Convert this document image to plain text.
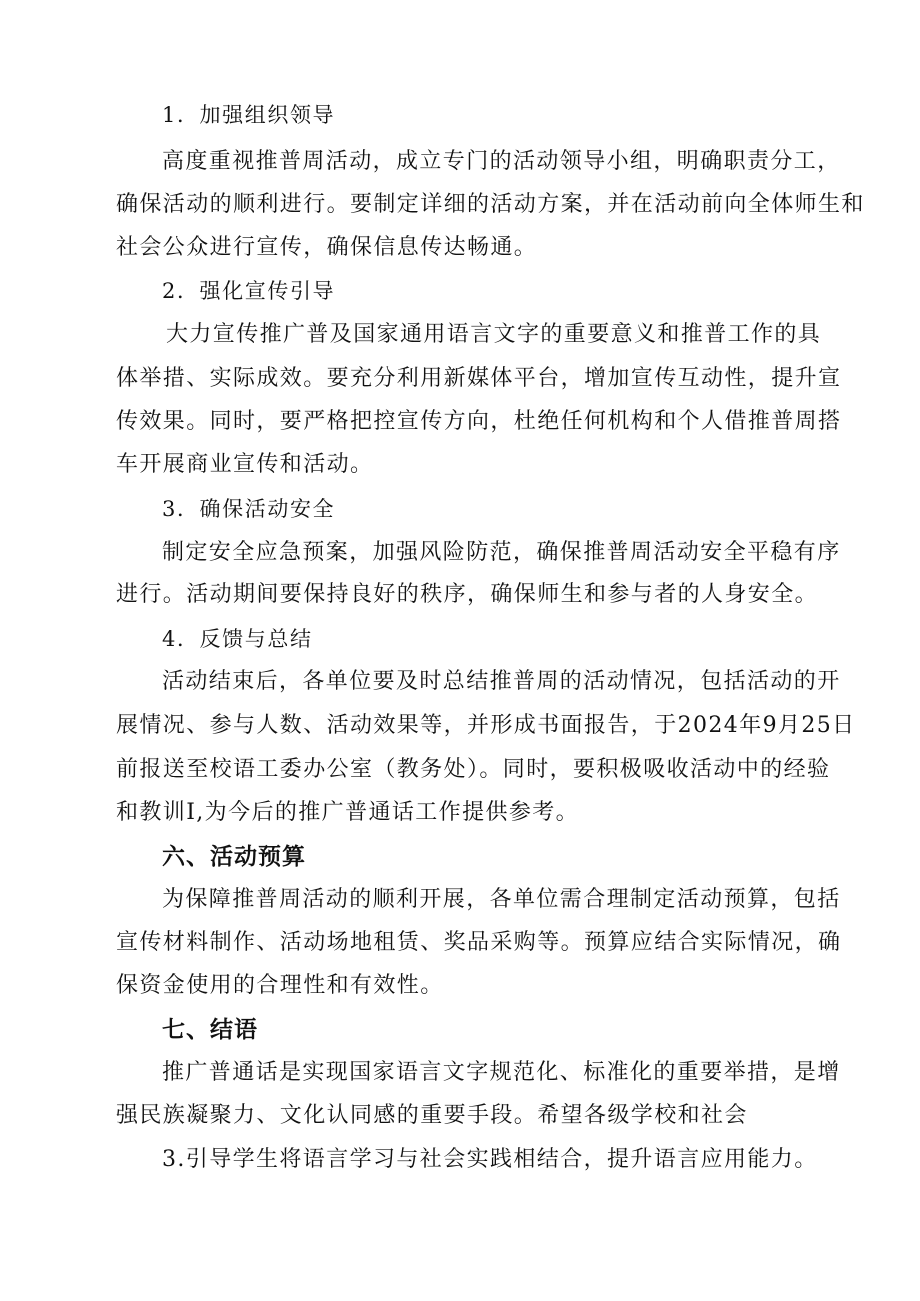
1．加强组织领导
高度重视推普周活动，成立专门的活动领导小组，明确职责分工，
确保活动的顺利进行。要制定详细的活动方案，并在活动前向全体师生和
社会公众进行宣传，确保信息传达畅通。
2．强化宣传引导
大力宣传推广普及国家通用语言文字的重要意义和推普工作的具
体举措、实际成效。要充分利用新媒体平台，增加宣传互动性，提升宣
传效果。同时，要严格把控宣传方向，杜绝任何机构和个人借推普周搭
车开展商业宣传和活动。
3．确保活动安全
制定安全应急预案，加强风险防范，确保推普周活动安全平稳有序
进行。活动期间要保持良好的秩序，确保师生和参与者的人身安全。
4．反馈与总结
活动结束后，各单位要及时总结推普周的活动情况，包括活动的开
展情况、参与人数、活动效果等，并形成书面报告，于2024年9月25日
前报送至校语工委办公室（教务处）。同时，要积极吸收活动中的经验
和教训I,为今后的推广普通话工作提供参考。
六、活动预算
为保障推普周活动的顺利开展，各单位需合理制定活动预算，包括
宣传材料制作、活动场地租赁、奖品采购等。预算应结合实际情况，确
保资金使用的合理性和有效性。
七、结语
推广普通话是实现国家语言文字规范化、标准化的重要举措，是增
强民族凝聚力、文化认同感的重要手段。希望各级学校和社会
3.引导学生将语言学习与社会实践相结合，提升语言应用能力。
